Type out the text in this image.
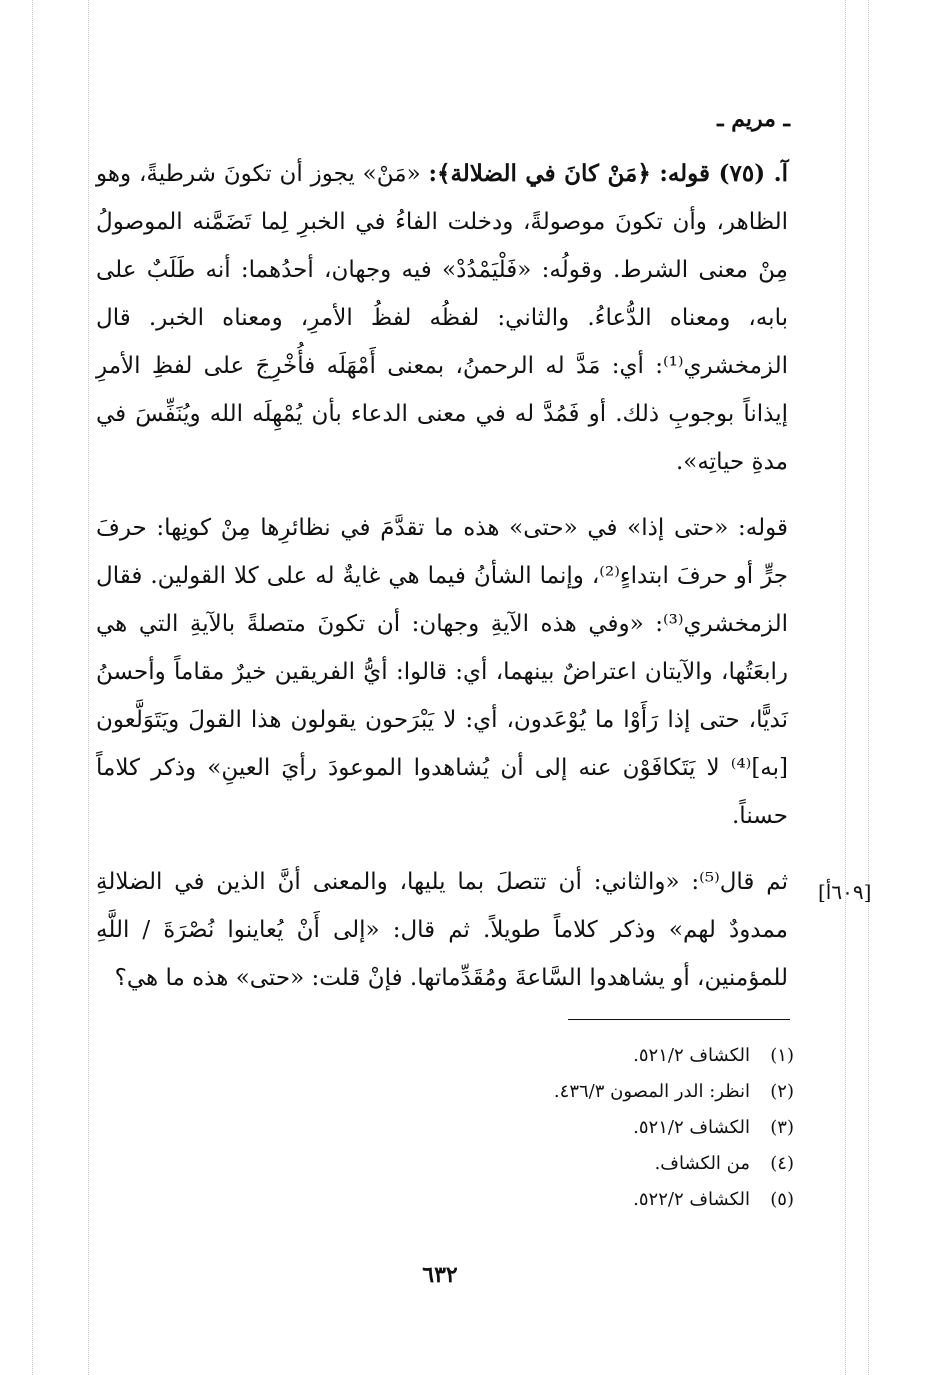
ـ مريم ـ

آ. (٧٥) قوله: ﴿مَنْ كانَ في الضلالة﴾: «مَنْ» يجوز أن تكونَ شرطيةً، وهو الظاهر، وأن تكونَ موصولةً، ودخلت الفاءُ في الخبرِ لِما تَضَمَّنه الموصولُ مِنْ معنى الشرط. وقولُه: «فَلْيَمْدُدْ» فيه وجهان، أحدُهما: أنه طَلَبٌ على بابه، ومعناه الدُّعاءُ. والثاني: لفظُه لفظُ الأمرِ، ومعناه الخبر. قال الزمخشري⁽¹⁾: أي: مَدَّ له الرحمنُ، بمعنى أَمْهَلَه فأُخْرِجَ على لفظِ الأمرِ إيذاناً بوجوبِ ذلك. أو فَمُدَّ له في معنى الدعاء بأن يُمْهِلَه الله ويُنَفِّسَ في مدةِ حياتِه».

قوله: «حتى إذا» في «حتى» هذه ما تقدَّمَ في نظائرِها مِنْ كونِها: حرفَ جرٍّ أو حرفَ ابتداءٍ⁽²⁾، وإنما الشأنُ فيما هي غايةٌ له على كلا القولين. فقال الزمخشري⁽³⁾: «وفي هذه الآيةِ وجهان: أن تكونَ متصلةً بالآيةِ التي هي رابعَتُها، والآيتان اعتراضٌ بينهما، أي: قالوا: أيُّ الفريقين خيرٌ مقاماً وأحسنُ نَديًّا، حتى إذا رَأَوْا ما يُوْعَدون، أي: لا يَبْرَحون يقولون هذا القولَ ويَتَوَلَّعون [به]⁽⁴⁾ لا يَتَكافَوْن عنه إلى أن يُشاهدوا الموعودَ رأيَ العينِ» وذكر كلاماً حسناً.

ثم قال⁽⁵⁾: «والثاني: أن تتصلَ بما يليها، والمعنى أنَّ الذين في الضلالةِ ممدودٌ لهم» وذكر كلاماً طويلاً. ثم قال: «إلى أَنْ يُعاينوا نُصْرَةَ / اللَّهِ للمؤمنين، أو يشاهدوا السَّاعةَ ومُقَدِّماتها. فإنْ قلت: «حتى» هذه ما هي؟

[٦٠٩أ]
(١)
الكشاف ٥٢١/٢.
(٢)
انظر: الدر المصون ٤٣٦/٣.
(٣)
الكشاف ٥٢١/٢.
(٤)
من الكشاف.
(٥)
الكشاف ٥٢٢/٢.
٦٣٢
